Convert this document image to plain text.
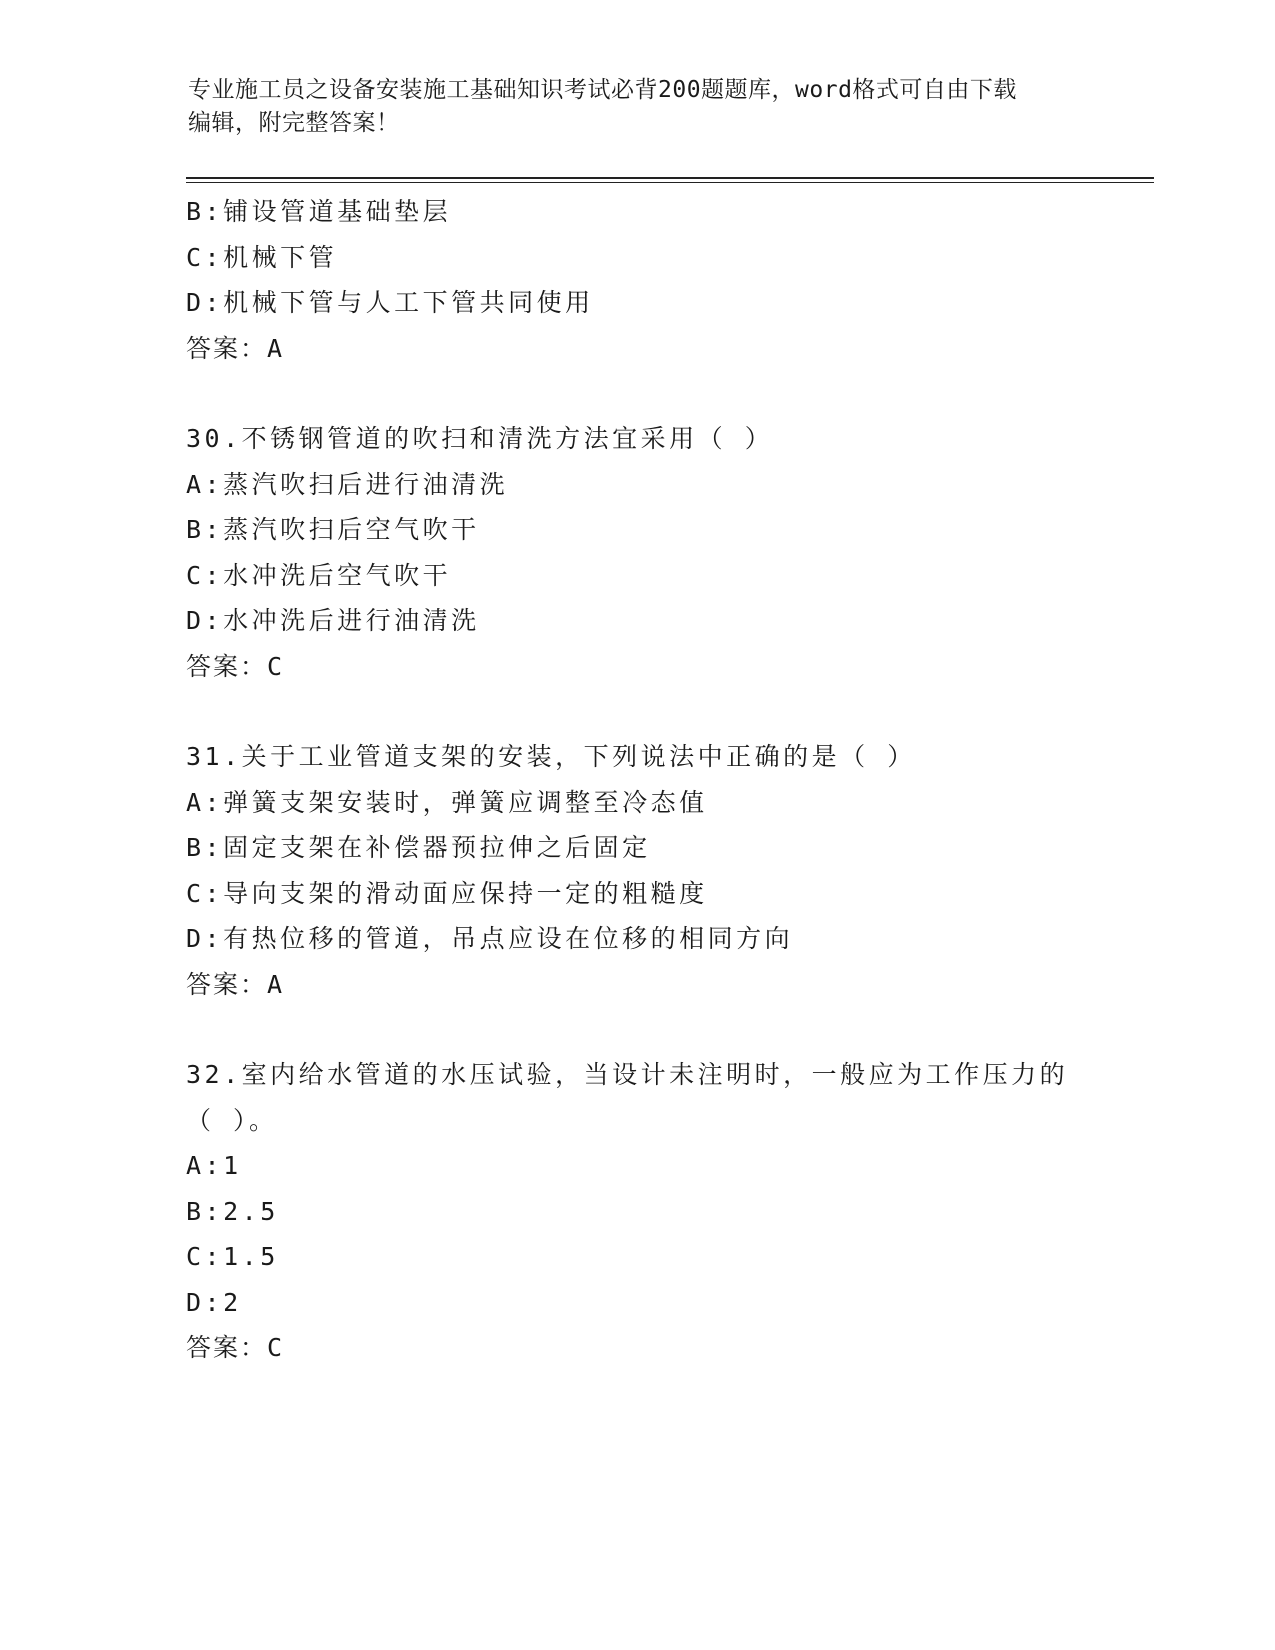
专业施工员之设备安装施工基础知识考试必背200题题库，word格式可自由下载
编辑，附完整答案！
B:铺设管道基础垫层
C:机械下管
D:机械下管与人工下管共同使用
答案：A
30.不锈钢管道的吹扫和清洗方法宜采用（ ）
A:蒸汽吹扫后进行油清洗
B:蒸汽吹扫后空气吹干
C:水冲洗后空气吹干
D:水冲洗后进行油清洗
答案：C
31.关于工业管道支架的安装，下列说法中正确的是（ ）
A:弹簧支架安装时，弹簧应调整至冷态值
B:固定支架在补偿器预拉伸之后固定
C:导向支架的滑动面应保持一定的粗糙度
D:有热位移的管道，吊点应设在位移的相同方向
答案：A
32.室内给水管道的水压试验，当设计未注明时，一般应为工作压力的
（ ）。
A:1
B:2.5
C:1.5
D:2
答案：C
